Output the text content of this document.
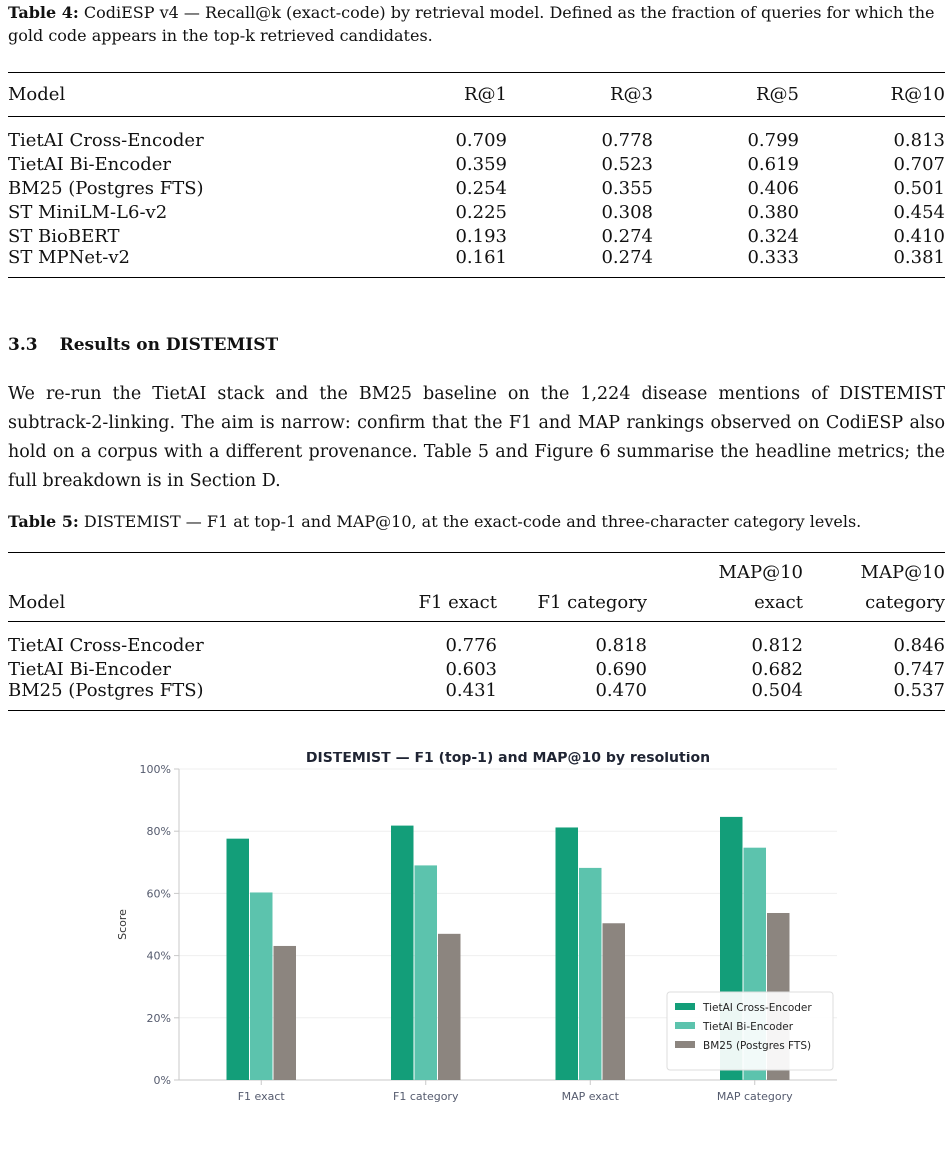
Table 4: CodiESP v4 — Recall@k (exact-code) by retrieval model. Defined as the fraction of queries for which the gold code appears in the top-k retrieved candidates.

Model	R@1	R@3	R@5	R@10
TietAI Cross-Encoder	0.709	0.778	0.799	0.813
TietAI Bi-Encoder	0.359	0.523	0.619	0.707
BM25 (Postgres FTS)	0.254	0.355	0.406	0.501
ST MiniLM-L6-v2	0.225	0.308	0.380	0.454
ST BioBERT	0.193	0.274	0.324	0.410
ST MPNet-v2	0.161	0.274	0.333	0.381
3.3 Results on DISTEMIST

We re-run the TietAI stack and the BM25 baseline on the 1,224 disease mentions of DISTEMIST subtrack-2-linking. The aim is narrow: confirm that the F1 and MAP rankings observed on CodiESP also hold on a corpus with a different provenance. Table 5 and Figure 6 summarise the headline metrics; the full breakdown is in Section D.

Table 5: DISTEMIST — F1 at top-1 and MAP@10, at the exact-code and three-character category levels.

			MAP@10	MAP@10
Model	F1 exact	F1 category	exact	category
TietAI Cross-Encoder	0.776	0.818	0.812	0.846
TietAI Bi-Encoder	0.603	0.690	0.682	0.747
BM25 (Postgres FTS)	0.431	0.470	0.504	0.537
DISTEMIST — F1 (top-1) and MAP@10 by resolution
0%
20%
40%
60%
80%
100%
Score
F1 exact	F1 category	MAP exact	MAP category
TietAI Cross-Encoder
TietAI Bi-Encoder
BM25 (Postgres FTS)
